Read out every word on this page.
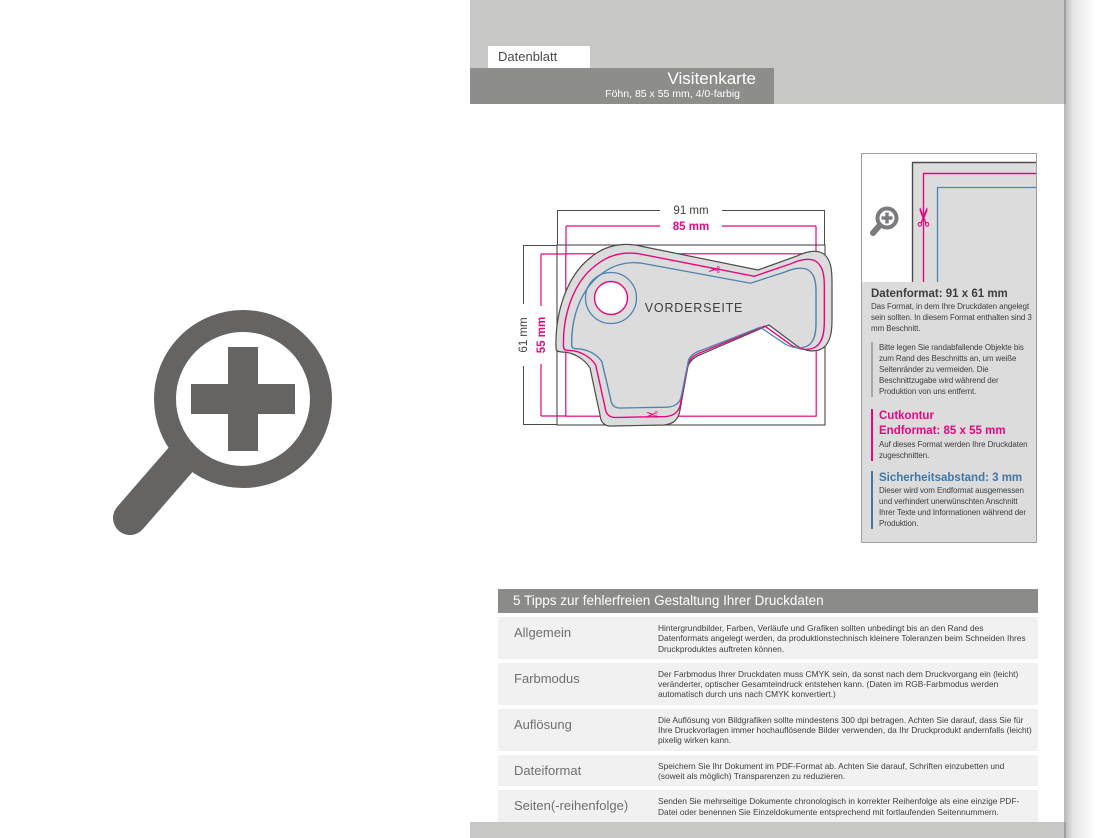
Datenblatt
Visitenkarte
Föhn, 85 x 55 mm, 4/0-farbig
✂
✂
VORDERSEITE
91 mm
85 mm
61 mm 55 mm
✂
Datenformat: 91 x 61 mm
Das Format, in dem Ihre Druckdaten angelegt sein sollten. In diesem Format enthalten sind 3 mm Beschnitt.
Bitte legen Sie randabfallende Objekte bis zum Rand des Beschnitts an, um weiße Seitenränder zu vermeiden. Die Beschnittzugabe wird während der Produktion von uns entfernt.
Cutkontur
Endformat: 85 x 55 mm
Auf dieses Format werden Ihre Druckdaten zugeschnitten.
Sicherheitsabstand: 3 mm
Dieser wird vom Endformat ausgemessen und verhindert unerwünschten Anschnitt Ihrer Texte und Informationen während der Produktion.
5 Tipps zur fehlerfreien Gestaltung Ihrer Druckdaten
Allgemein	Hintergrundbilder, Farben, Verläufe und Grafiken sollten unbedingt bis an den Rand des Datenformats angelegt werden, da produktionstechnisch kleinere Toleranzen beim Schneiden Ihres Druckproduktes auftreten können.
Farbmodus	Der Farbmodus Ihrer Druckdaten muss CMYK sein, da sonst nach dem Druckvorgang ein (leicht) veränderter, optischer Gesamteindruck entstehen kann. (Daten im RGB-Farbmodus werden automatisch durch uns nach CMYK konvertiert.)
Auflösung	Die Auflösung von Bildgrafiken sollte mindestens 300 dpi betragen. Achten Sie darauf, dass Sie für Ihre Druckvorlagen immer hochauflösende Bilder verwenden, da Ihr Druckprodukt andernfalls (leicht) pixelig wirken kann.
Dateiformat	Speichern Sie Ihr Dokument im PDF-Format ab. Achten Sie darauf, Schriften einzubetten und (soweit als möglich) Transparenzen zu reduzieren.
Seiten(-reihenfolge)	Senden Sie mehrseitige Dokumente chronologisch in korrekter Reihenfolge als eine einzige PDF-Datei oder benennen Sie Einzeldokumente entsprechend mit fortlaufenden Seitennummern.
